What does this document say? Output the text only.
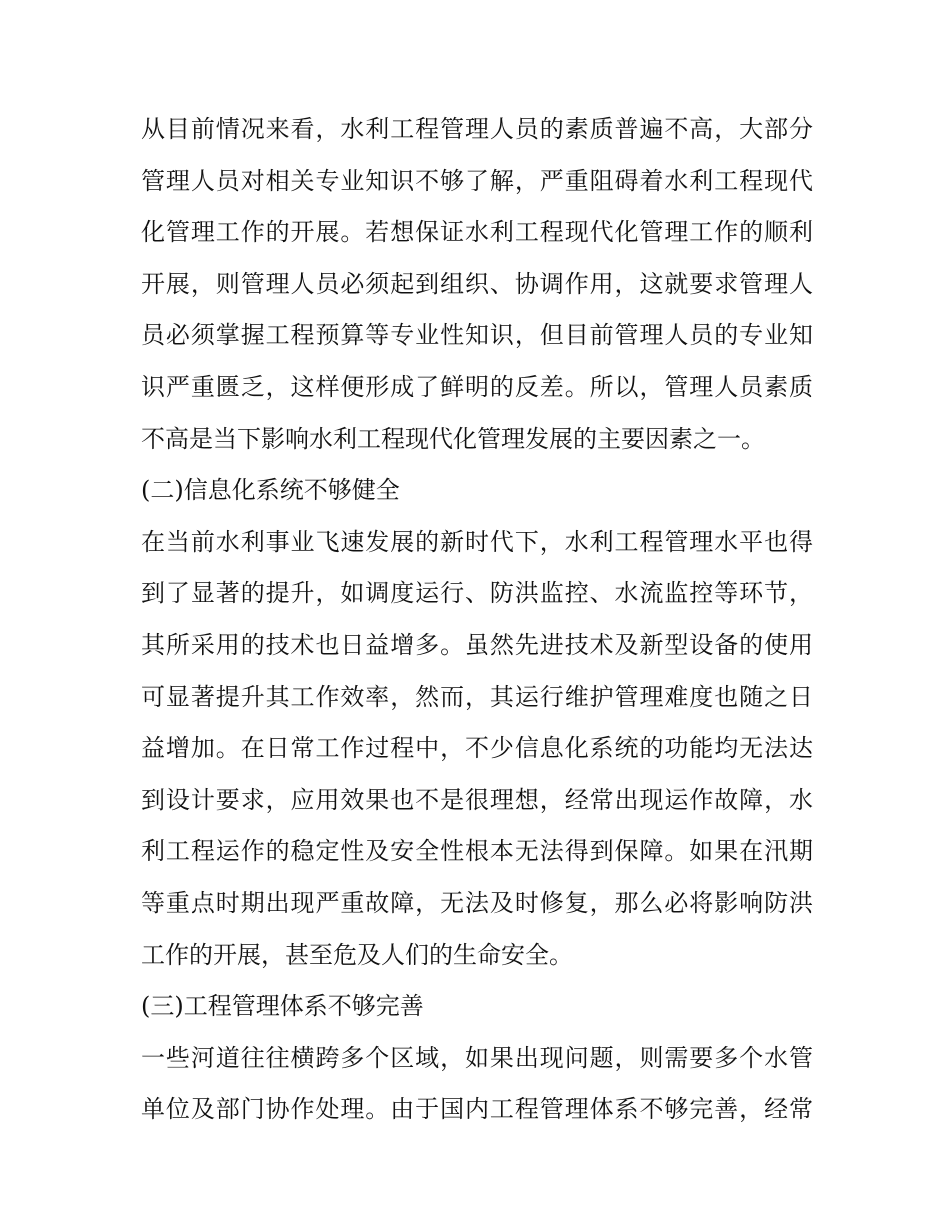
从目前情况来看，水利工程管理人员的素质普遍不高，大部分
管理人员对相关专业知识不够了解，严重阻碍着水利工程现代
化管理工作的开展。若想保证水利工程现代化管理工作的顺利
开展，则管理人员必须起到组织、协调作用，这就要求管理人
员必须掌握工程预算等专业性知识，但目前管理人员的专业知
识严重匮乏，这样便形成了鲜明的反差。所以，管理人员素质
不高是当下影响水利工程现代化管理发展的主要因素之一。
(二)信息化系统不够健全
在当前水利事业飞速发展的新时代下，水利工程管理水平也得
到了显著的提升，如调度运行、防洪监控、水流监控等环节，
其所采用的技术也日益增多。虽然先进技术及新型设备的使用
可显著提升其工作效率，然而，其运行维护管理难度也随之日
益增加。在日常工作过程中，不少信息化系统的功能均无法达
到设计要求，应用效果也不是很理想，经常出现运作故障，水
利工程运作的稳定性及安全性根本无法得到保障。如果在汛期
等重点时期出现严重故障，无法及时修复，那么必将影响防洪
工作的开展，甚至危及人们的生命安全。
(三)工程管理体系不够完善
一些河道往往横跨多个区域，如果出现问题，则需要多个水管
单位及部门协作处理。由于国内工程管理体系不够完善，经常
